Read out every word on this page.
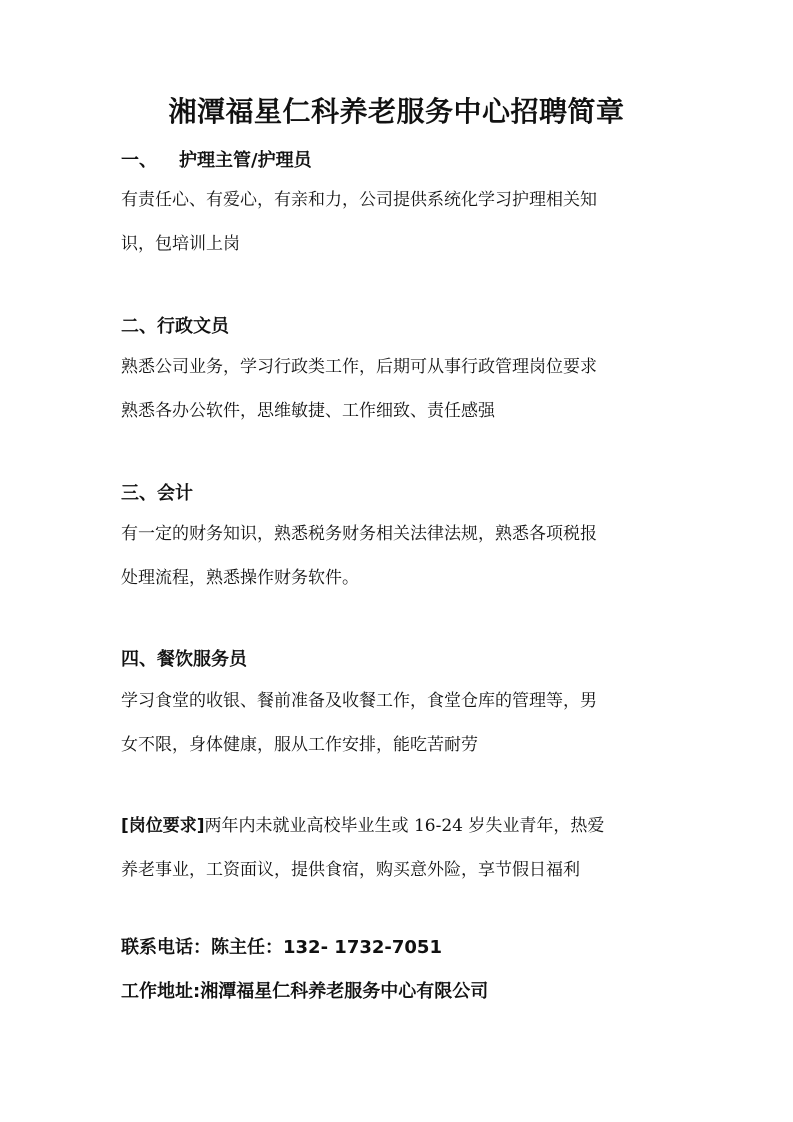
湘潭福星仁科养老服务中心招聘简章
一、 护理主管/护理员
有责任心、有爱心，有亲和力，公司提供系统化学习护理相关知
识，包培训上岗
二、行政文员
熟悉公司业务，学习行政类工作，后期可从事行政管理岗位要求
熟悉各办公软件，思维敏捷、工作细致、责任感强
三、会计
有一定的财务知识，熟悉税务财务相关法律法规，熟悉各项税报
处理流程，熟悉操作财务软件。
四、餐饮服务员
学习食堂的收银、餐前准备及收餐工作，食堂仓库的管理等，男
女不限，身体健康，服从工作安排，能吃苦耐劳
[岗位要求]两年内未就业高校毕业生或 16-24 岁失业青年，热爱
养老事业，工资面议，提供食宿，购买意外险，享节假日福利
联系电话：陈主任：132- 1732-7051
工作地址:湘潭福星仁科养老服务中心有限公司
